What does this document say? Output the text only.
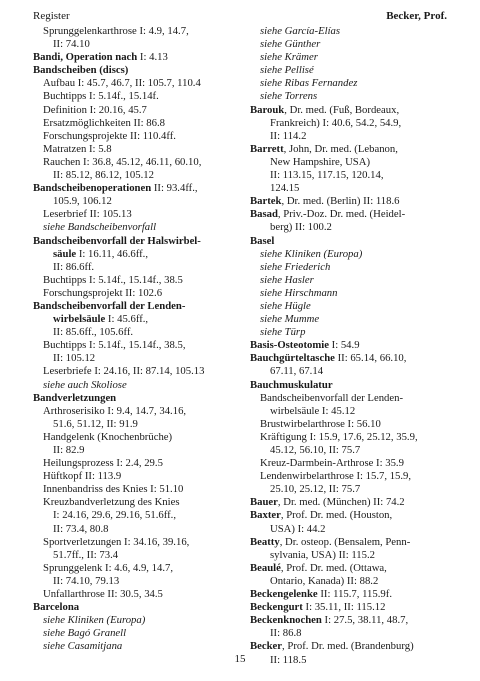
Register	Becker, Prof.
Sprunggelenkarthrose I: 4.9, 14.7,
II: 74.10
Bandi, Operation nach I: 4.13
Bandscheiben (discs)
Aufbau I: 45.7, 46.7, II: 105.7, 110.4
Buchtipps I: 5.14f., 15.14f.
Definition I: 20.16, 45.7
Ersatzmöglichkeiten II: 86.8
Forschungsprojekte II: 110.4ff.
Matratzen I: 5.8
Rauchen I: 36.8, 45.12, 46.11, 60.10,
II: 85.12, 86.12, 105.12
Bandscheibenoperationen II: 93.4ff.,
105.9, 106.12
Leserbrief II: 105.13
siehe Bandscheibenvorfall
Bandscheibenvorfall der Halswirbel-
säule I: 16.11, 46.6ff.,
II: 86.6ff.
Buchtipps I: 5.14f., 15.14f., 38.5
Forschungsprojekt II: 102.6
Bandscheibenvorfall der Lenden-
wirbelsäule I: 45.6ff.,
II: 85.6ff., 105.6ff.
Buchtipps I: 5.14f., 15.14f., 38.5,
II: 105.12
Leserbriefe I: 24.16, II: 87.14, 105.13
siehe auch Skoliose
Bandverletzungen
Arthroserisiko I: 9.4, 14.7, 34.16,
51.6, 51.12, II: 91.9
Handgelenk (Knochenbrüche)
II: 82.9
Heilungsprozess I: 2.4, 29.5
Hüftkopf II: 113.9
Innenbandriss des Knies I: 51.10
Kreuzbandverletzung des Knies
I: 24.16, 29.6, 29.16, 51.6ff.,
II: 73.4, 80.8
Sportverletzungen I: 34.16, 39.16,
51.7ff., II: 73.4
Sprunggelenk I: 4.6, 4.9, 14.7,
II: 74.10, 79.13
Unfallarthrose II: 30.5, 34.5
Barcelona
siehe Kliniken (Europa)
siehe Bagó Granell
siehe Casamitjana
siehe García-Elías
siehe Günther
siehe Krämer
siehe Pellisé
siehe Ribas Fernandez
siehe Torrens
Barouk, Dr. med. (Fuß, Bordeaux,
Frankreich) I: 40.6, 54.2, 54.9,
II: 114.2
Barrett, John, Dr. med. (Lebanon,
New Hampshire, USA)
II: 113.15, 117.15, 120.14,
124.15
Bartek, Dr. med. (Berlin) II: 118.6
Basad, Priv.-Doz. Dr. med. (Heidel-
berg) II: 100.2
Basel
siehe Kliniken (Europa)
siehe Friederich
siehe Hasler
siehe Hirschmann
siehe Hügle
siehe Mumme
siehe Türp
Basis-Osteotomie I: 54.9
Bauchgürteltasche II: 65.14, 66.10,
67.11, 67.14
Bauchmuskulatur
Bandscheibenvorfall der Lenden-
wirbelsäule I: 45.12
Brustwirbelarthrose I: 56.10
Kräftigung I: 15.9, 17.6, 25.12, 35.9,
45.12, 56.10, II: 75.7
Kreuz-Darmbein-Arthrose I: 35.9
Lendenwirbelarthrose I: 15.7, 15.9,
25.10, 25.12, II: 75.7
Bauer, Dr. med. (München) II: 74.2
Baxter, Prof. Dr. med. (Houston,
USA) I: 44.2
Beatty, Dr. osteop. (Bensalem, Penn-
sylvania, USA) II: 115.2
Beaulé, Prof. Dr. med. (Ottawa,
Ontario, Kanada) II: 88.2
Beckengelenke II: 115.7, 115.9f.
Beckengurt I: 35.11, II: 115.12
Beckenknochen I: 27.5, 38.11, 48.7,
II: 86.8
Becker, Prof. Dr. med. (Brandenburg)
II: 118.5
15
